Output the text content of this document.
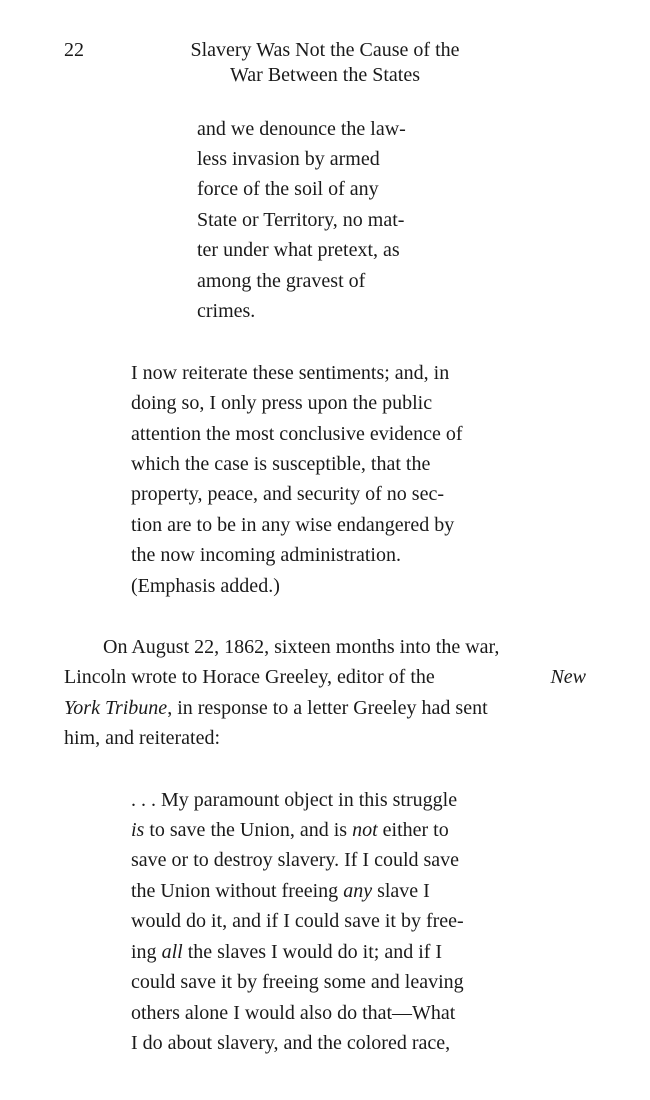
22	Slavery Was Not the Cause of the
War Between the States
and we denounce the law-
less invasion by armed
force of the soil of any
State or Territory, no mat-
ter under what pretext, as
among the gravest of
crimes.
I now reiterate these sentiments; and, in
doing so, I only press upon the public
attention the most conclusive evidence of
which the case is susceptible, that the
property, peace, and security of no sec-
tion are to be in any wise endangered by
the now incoming administration.
(Emphasis added.)
On August 22, 1862, sixteen months into the war,
Lincoln wrote to Horace Greeley, editor of the	New
York Tribune, in response to a letter Greeley had sent
him, and reiterated:
. . . My paramount object in this struggle
is to save the Union, and is not either to
save or to destroy slavery. If I could save
the Union without freeing any slave I
would do it, and if I could save it by free-
ing all the slaves I would do it; and if I
could save it by freeing some and leaving
others alone I would also do that—What
I do about slavery, and the colored race,
